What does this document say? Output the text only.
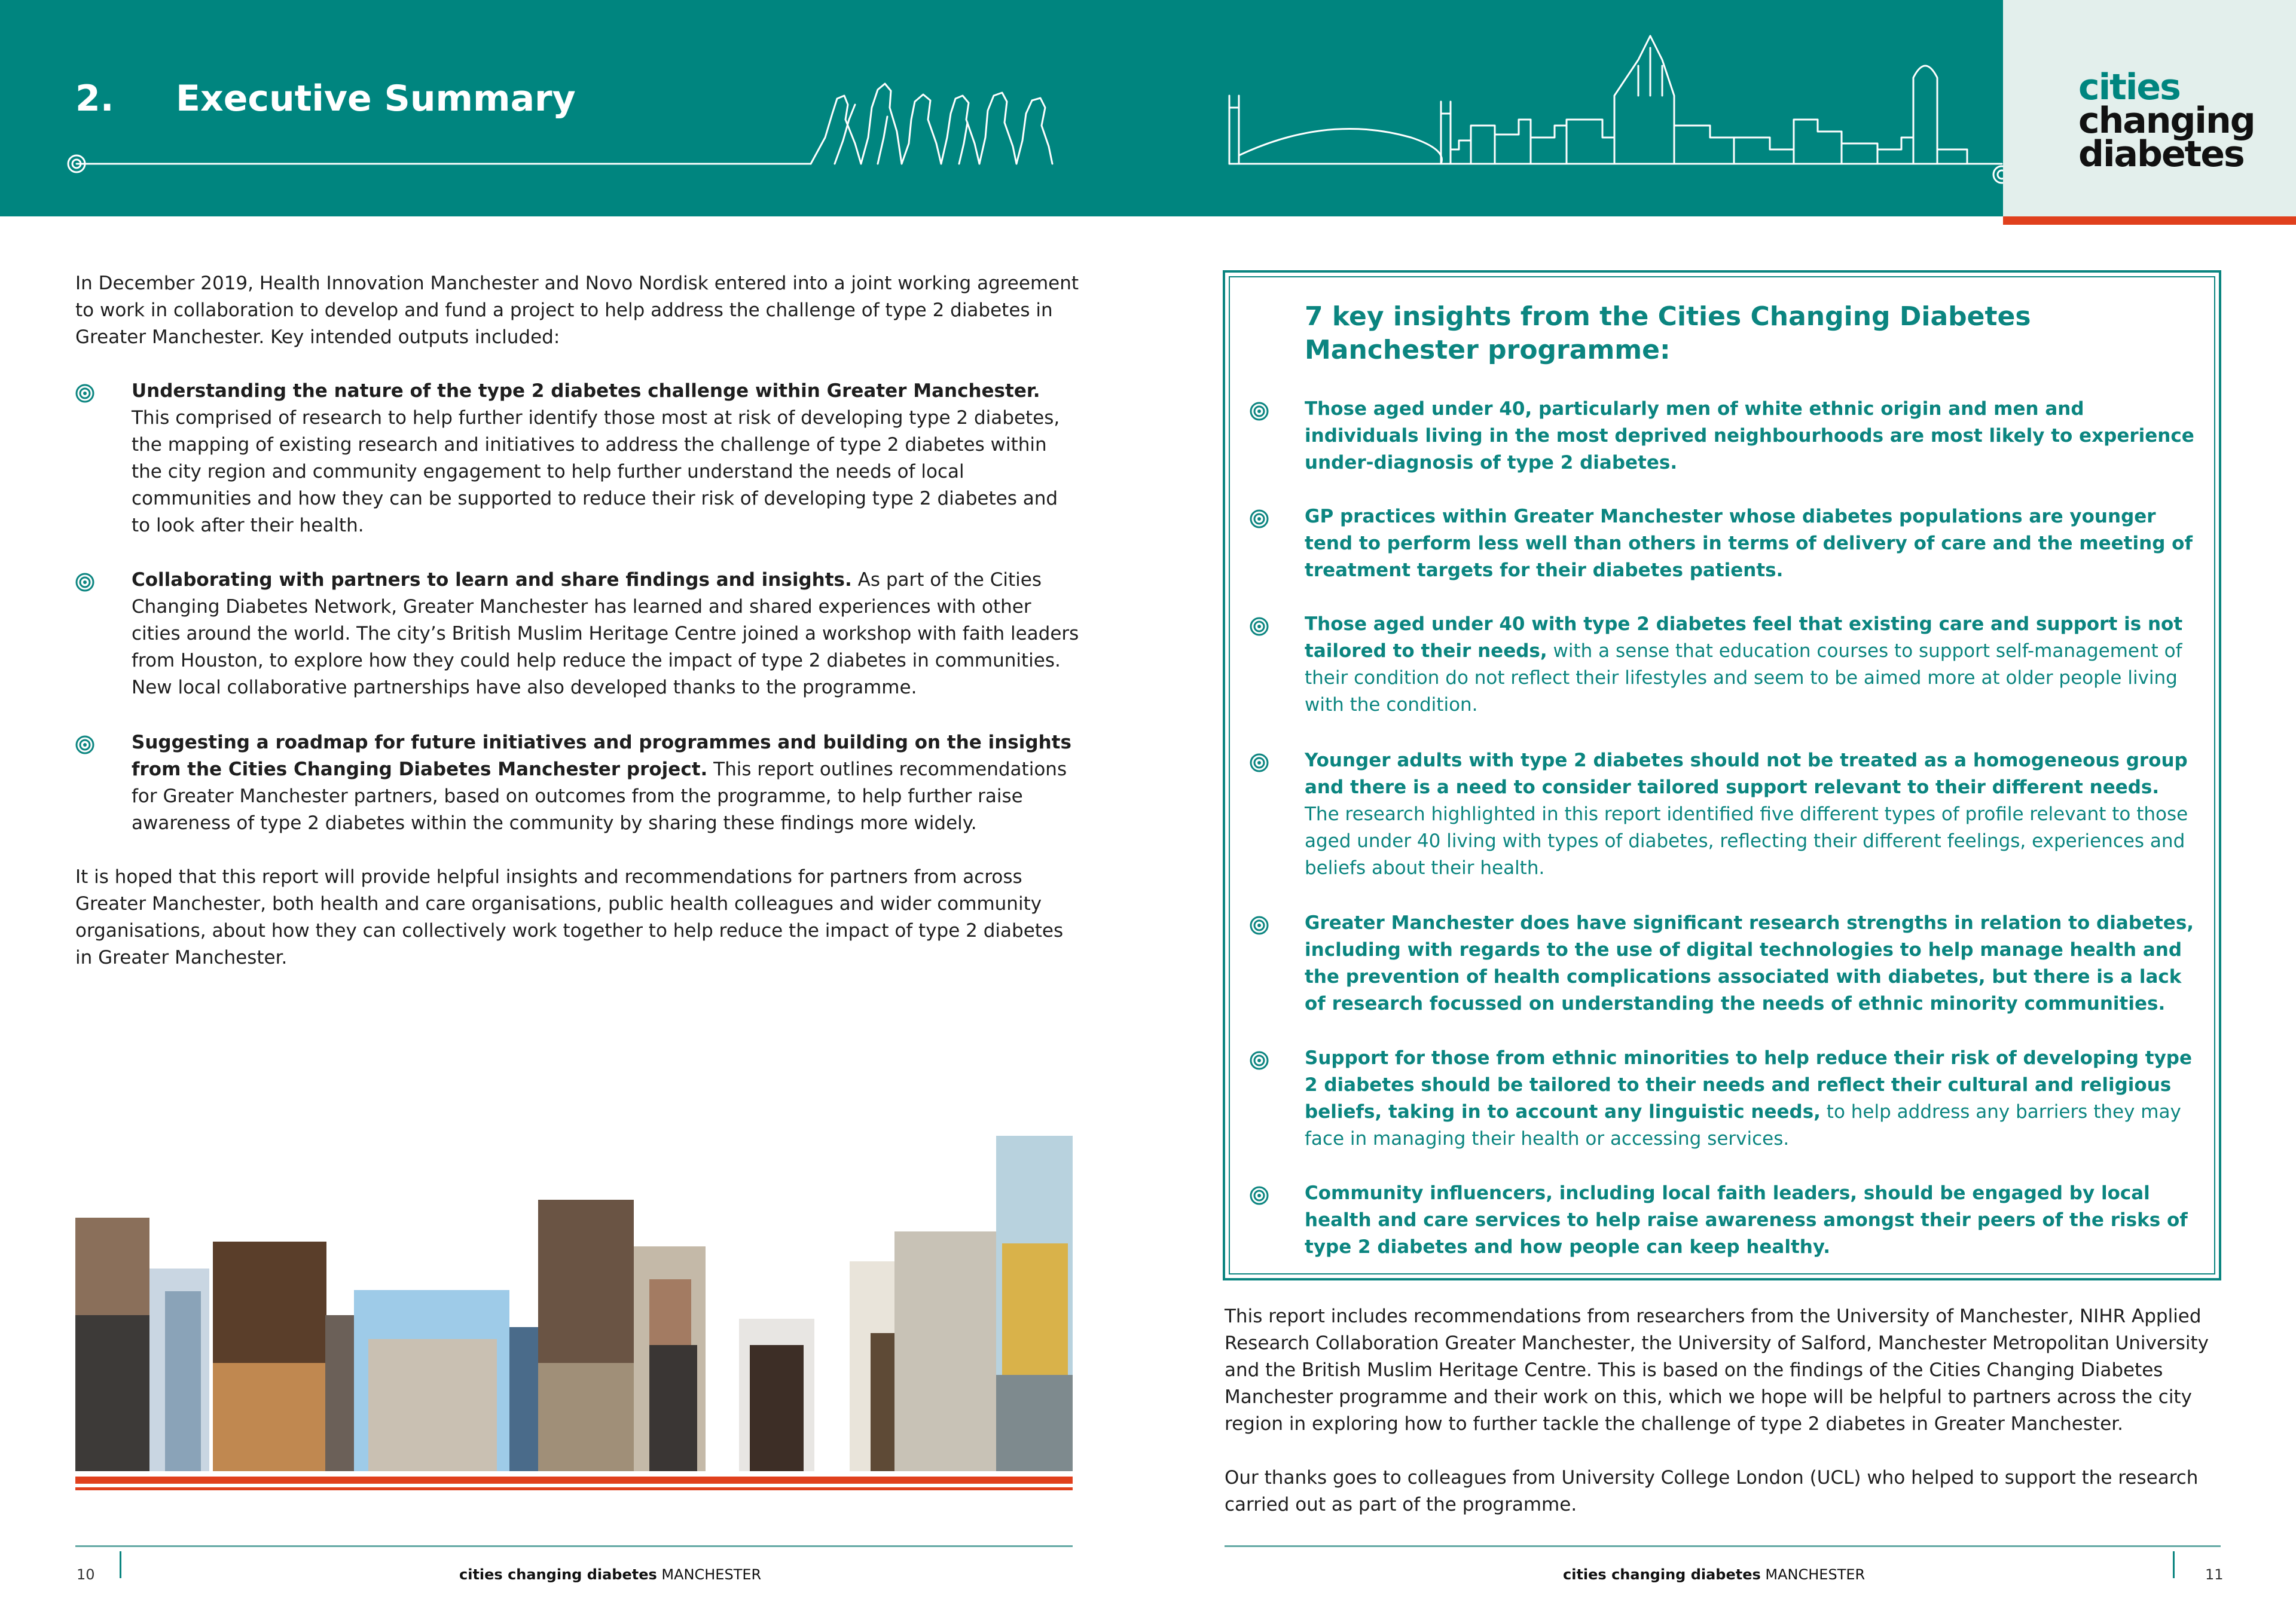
cities
changing
diabetes
2. Executive Summary

In December 2019, Health Innovation Manchester and Novo Nordisk entered into a joint working agreement to work in collaboration to develop and fund a project to help address the challenge of type 2 diabetes in Greater Manchester. Key intended outputs included:

Understanding the nature of the type 2 diabetes challenge within Greater Manchester. This comprised of research to help further identify those most at risk of developing type 2 diabetes, the mapping of existing research and initiatives to address the challenge of type 2 diabetes within the city region and community engagement to help further understand the needs of local communities and how they can be supported to reduce their risk of developing type 2 diabetes and to look after their health.

Collaborating with partners to learn and share findings and insights. As part of the Cities Changing Diabetes Network, Greater Manchester has learned and shared experiences with other cities around the world. The city’s British Muslim Heritage Centre joined a workshop with faith leaders from Houston, to explore how they could help reduce the impact of type 2 diabetes in communities. New local collaborative partnerships have also developed thanks to the programme.

Suggesting a roadmap for future initiatives and programmes and building on the insights from the Cities Changing Diabetes Manchester project. This report outlines recommendations for Greater Manchester partners, based on outcomes from the programme, to help further raise awareness of type 2 diabetes within the community by sharing these findings more widely.

It is hoped that this report will provide helpful insights and recommendations for partners from across Greater Manchester, both health and care organisations, public health colleagues and wider community organisations, about how they can collectively work together to help reduce the impact of type 2 diabetes in Greater Manchester.

7 key insights from the Cities Changing Diabetes Manchester programme:

Those aged under 40, particularly men of white ethnic origin and men and individuals living in the most deprived neighbourhoods are most likely to experience under-diagnosis of type 2 diabetes.

GP practices within Greater Manchester whose diabetes populations are younger tend to perform less well than others in terms of delivery of care and the meeting of treatment targets for their diabetes patients.

Those aged under 40 with type 2 diabetes feel that existing care and support is not tailored to their needs, with a sense that education courses to support self-management of their condition do not reflect their lifestyles and seem to be aimed more at older people living with the condition.

Younger adults with type 2 diabetes should not be treated as a homogeneous group and there is a need to consider tailored support relevant to their different needs. The research highlighted in this report identified five different types of profile relevant to those aged under 40 living with types of diabetes, reflecting their different feelings, experiences and beliefs about their health.

Greater Manchester does have significant research strengths in relation to diabetes, including with regards to the use of digital technologies to help manage health and the prevention of health complications associated with diabetes, but there is a lack of research focussed on understanding the needs of ethnic minority communities.

Support for those from ethnic minorities to help reduce their risk of developing type 2 diabetes should be tailored to their needs and reflect their cultural and religious beliefs, taking in to account any linguistic needs, to help address any barriers they may face in managing their health or accessing services.

Community influencers, including local faith leaders, should be engaged by local health and care services to help raise awareness amongst their peers of the risks of type 2 diabetes and how people can keep healthy.

This report includes recommendations from researchers from the University of Manchester, NIHR Applied Research Collaboration Greater Manchester, the University of Salford, Manchester Metropolitan University and the British Muslim Heritage Centre. This is based on the findings of the Cities Changing Diabetes Manchester programme and their work on this, which we hope will be helpful to partners across the city region in exploring how to further tackle the challenge of type 2 diabetes in Greater Manchester.

Our thanks goes to colleagues from University College London (UCL) who helped to support the research carried out as part of the programme.

10	cities changing diabetes MANCHESTER	11
cities changing diabetes MANCHESTER
